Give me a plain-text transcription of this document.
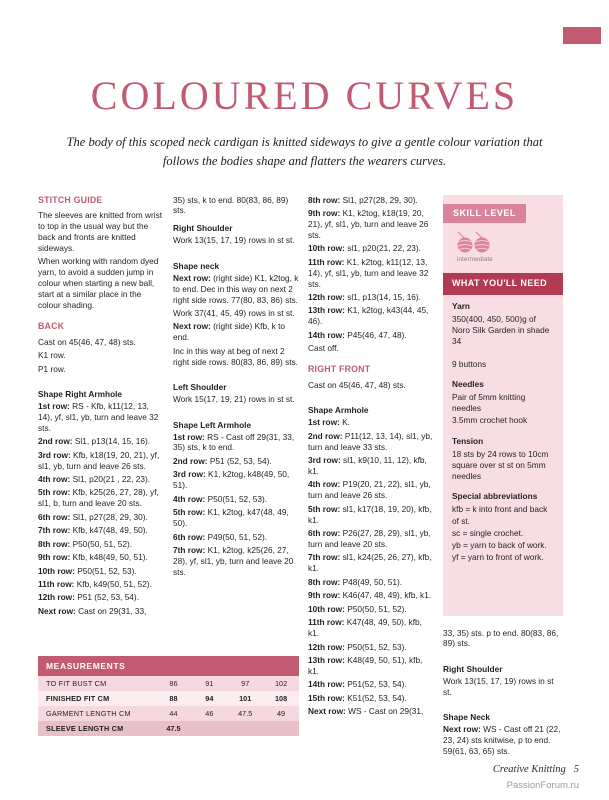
COLOURED CURVES

The body of this scoped neck cardigan is knitted sideways to give a gentle colour variation that follows the bodies shape and flatters the wearers curves.

STITCH GUIDE
The sleeves are knitted from wrist to top in the usual way but the back and fronts are knitted sideways.
When working with random dyed yarn, to avoid a sudden jump in colour when starting a new ball, start at a similar place in the colour shading.
BACK
Cast on 45(46, 47, 48) sts.
K1 row.
P1 row.
Shape Right Armhole
1st row: RS - Kfb, k11(12, 13, 14), yf, sl1, yb, turn and leave 32 sts.
2nd row: Sl1, p13(14, 15, 16).
3rd row: Kfb, k18(19, 20, 21), yf, sl1, yb, turn and leave 26 sts.
4th row: Sl1, p20(21 , 22, 23).
5th row: Kfb, k25(26, 27, 28), yf, sl1, b, turn and leave 20 sts.
6th row: Sl1, p27(28, 29, 30).
7th row: Kfb, k47(48, 49, 50).
8th row: P50(50, 51, 52).
9th row: Kfb, k48(49, 50, 51).
10th row: P50(51, 52, 53).
11th row: Kfb, k49(50, 51, 52).
12th row: P51 (52, 53, 54).
Next row: Cast on 29(31, 33,
35) sts, k to end. 80(83, 86, 89) sts.
Right Shoulder
Work 13(15, 17, 19) rows in st st.
Shape neck
Next row: (right side) K1, k2tog, k to end. Dec in this way on next 2 right side rows. 77(80, 83, 86) sts.
Work 37(41, 45, 49) rows in st st.
Next row: (right side) Kfb, k to end.
Inc in this way at beg of next 2 right side rows. 80(83, 86, 89) sts.
Left Shoulder
Work 15(17, 19, 21) rows in st st.
Shape Left Armhole
1st row: RS - Cast off 29(31, 33, 35) sts, k to end.
2nd row: P51 (52, 53, 54).
3rd row: K1, k2tog, k48(49, 50, 51).
4th row: P50(51, 52, 53).
5th row: K1, k2tog, k47(48, 49, 50).
6th row: P49(50, 51, 52).
7th row: K1, k2tog, k25(26, 27, 28), yf, sl1, yb, turn and leave 20 sts.
8th row: Sl1, p27(28, 29, 30).
9th row: K1, k2tog, k18(19, 20, 21), yf, sl1, yb, turn and leave 26 sts.
10th row: sl1, p20(21, 22, 23).
11th row: K1, k2tog, k11(12, 13, 14), yf, sl1, yb, turn and leave 32 sts.
12th row: sl1, p13(14, 15, 16).
13th row: K1, k2tog, k43(44, 45, 46).
14th row: P45(46, 47, 48).
Cast off.
RIGHT FRONT
Cast on 45(46, 47, 48) sts.
Shape Armhole
1st row: K.
2nd row: P11(12, 13, 14), sl1, yb, turn and leave 33 sts.
3rd row: sl1, k9(10, 11, 12), kfb, k1.
4th row: P19(20, 21, 22), sl1, yb, turn and leave 26 sts.
5th row: sl1, k17(18, 19, 20), kfb, k1.
6th row: P26(27, 28, 29), sl1, yb, turn and leave 20 sts.
7th row: sl1, k24(25, 26, 27), kfb, k1.
8th row: P48(49, 50, 51).
9th row: K46(47, 48, 49), kfb, k1.
10th row: P50(50, 51, 52).
11th row: K47(48, 49, 50), kfb, k1.
12th row: P50(51, 52, 53).
13th row: K48(49, 50, 51), kfb, k1.
14th row: P51(52, 53, 54).
15th row: K51(52, 53, 54).
Next row: WS - Cast on 29(31,
SKILL LEVEL
intermediate
WHAT YOU'LL NEED
Yarn
350(400, 450, 500)g of Noro Silk Garden in shade 34
9 buttons
Needles
Pair of 5mm knitting needles
3.5mm crochet hook
Tension
18 sts by 24 rows to 10cm square over st st on 5mm needles
Special abbreviations
kfb = k into front and back of st.
sc = single crochet.
yb = yarn to back of work.
yf = yarn to front of work.
33, 35) sts. p to end. 80(83, 86, 89) sts.
Right Shoulder
Work 13(15, 17, 19) rows in st st.
Shape Neck
Next row: WS - Cast off 21 (22, 23, 24) sts knitwise, p to end. 59(61, 63, 65) sts.
MEASUREMENTS
TO FIT BUST CM	86	91	97	102
FINISHED FIT CM	88	94	101	108
GARMENT LENGTH CM	44	46	47.5	49
SLEEVE LENGTH CM	47.5
Creative Knitting 5
PassionForum.ru
